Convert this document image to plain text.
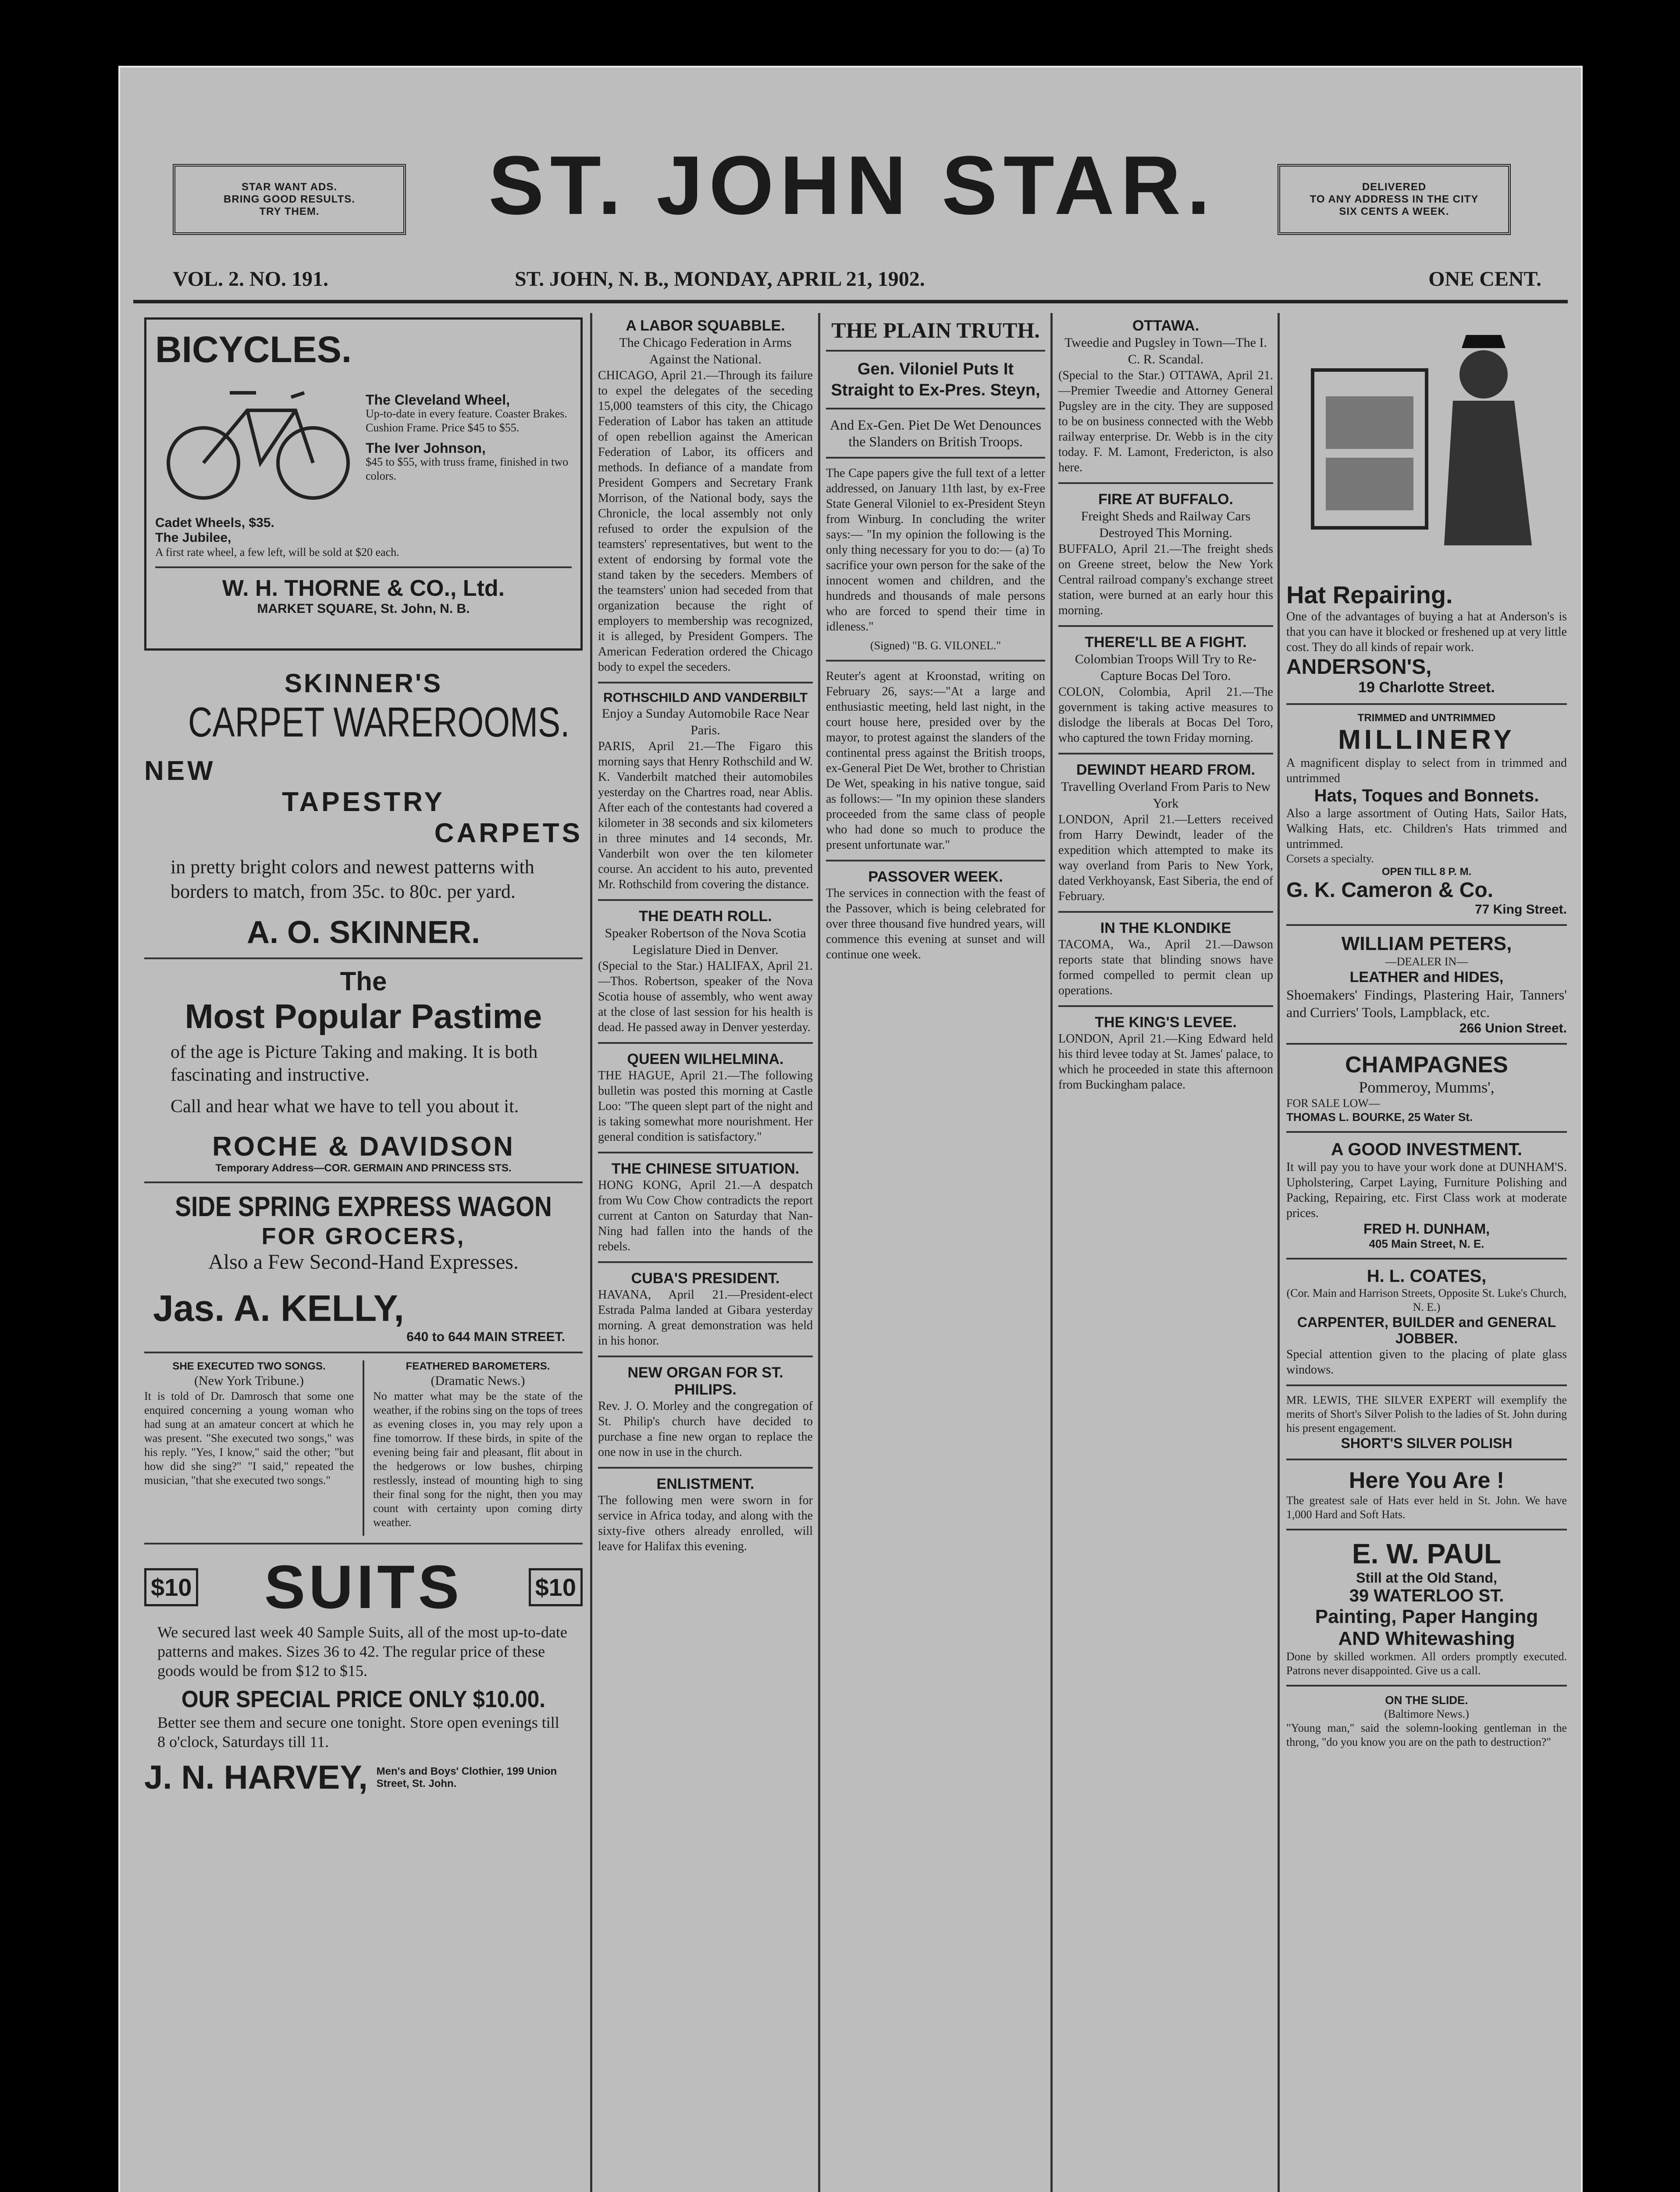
STAR WANT ADS.
BRING GOOD RESULTS.
TRY THEM.	ST. JOHN STAR.	DELIVERED
TO ANY ADDRESS IN THE CITY
SIX CENTS A WEEK.
VOL. 2. NO. 191.	ST. JOHN, N. B., MONDAY, APRIL 21, 1902.	ONE CENT.
BICYCLES.
The Cleveland Wheel,
Up-to-date in every feature. Coaster Brakes. Cushion Frame. Price $45 to $55.
The Iver Johnson,
$45 to $55, with truss frame, finished in two colors.
Cadet Wheels, $35.
The Jubilee,
A first rate wheel, a few left, will be sold at $20 each.
W. H. THORNE & CO., Ltd.
MARKET SQUARE, St. John, N. B.
SKINNER'S
CARPET WAREROOMS.
NEW
TAPESTRY
CARPETS
in pretty bright colors and newest patterns with borders to match, from 35c. to 80c. per yard.
A. O. SKINNER.
The
Most Popular Pastime
of the age is Picture Taking and making. It is both fascinating and instructive.
Call and hear what we have to tell you about it.
ROCHE & DAVIDSON
Temporary Address—COR. GERMAIN AND PRINCESS STS.
SIDE SPRING EXPRESS WAGON
FOR GROCERS,
Also a Few Second-Hand Expresses.
Jas. A. KELLY,
640 to 644 MAIN STREET.
SHE EXECUTED TWO SONGS.
(New York Tribune.)
It is told of Dr. Damrosch that some one enquired concerning a young woman who had sung at an amateur concert at which he was present. "She executed two songs," was his reply. "Yes, I know," said the other; "but how did she sing?" "I said," repeated the musician, "that she executed two songs."
FEATHERED BAROMETERS.
(Dramatic News.)
No matter what may be the state of the weather, if the robins sing on the tops of trees as evening closes in, you may rely upon a fine tomorrow. If these birds, in spite of the evening being fair and pleasant, flit about in the hedgerows or low bushes, chirping restlessly, instead of mounting high to sing their final song for the night, then you may count with certainty upon coming dirty weather.
$10 SUITS	$10
We secured last week 40 Sample Suits, all of the most up-to-date patterns and makes. Sizes 36 to 42. The regular price of these goods would be from $12 to $15.
OUR SPECIAL PRICE ONLY $10.00.
Better see them and secure one tonight. Store open evenings till 8 o'clock, Saturdays till 11.
J. N. HARVEY, Men's and Boys' Clothier, 199 Union Street, St. John.
A LABOR SQUABBLE.
The Chicago Federation in Arms Against the National.
CHICAGO, April 21.—Through its failure to expel the delegates of the seceding 15,000 teamsters of this city, the Chicago Federation of Labor has taken an attitude of open rebellion against the American Federation of Labor, its officers and methods. In defiance of a mandate from President Gompers and Secretary Frank Morrison, of the National body, says the Chronicle, the local assembly not only refused to order the expulsion of the teamsters' representatives, but went to the extent of endorsing by formal vote the stand taken by the seceders. Members of the teamsters' union had seceded from that organization because the right of employers to membership was recognized, it is alleged, by President Gompers. The American Federation ordered the Chicago body to expel the seceders.
ROTHSCHILD AND VANDERBILT
Enjoy a Sunday Automobile Race Near Paris.
PARIS, April 21.—The Figaro this morning says that Henry Rothschild and W. K. Vanderbilt matched their automobiles yesterday on the Chartres road, near Ablis. After each of the contestants had covered a kilometer in 38 seconds and six kilometers in three minutes and 14 seconds, Mr. Vanderbilt won over the ten kilometer course. An accident to his auto, prevented Mr. Rothschild from covering the distance.
THE DEATH ROLL.
Speaker Robertson of the Nova Scotia Legislature Died in Denver.
(Special to the Star.) HALIFAX, April 21.—Thos. Robertson, speaker of the Nova Scotia house of assembly, who went away at the close of last session for his health is dead. He passed away in Denver yesterday.
QUEEN WILHELMINA.
THE HAGUE, April 21.—The following bulletin was posted this morning at Castle Loo: "The queen slept part of the night and is taking somewhat more nourishment. Her general condition is satisfactory."
THE CHINESE SITUATION.
HONG KONG, April 21.—A despatch from Wu Cow Chow contradicts the report current at Canton on Saturday that Nan-Ning had fallen into the hands of the rebels.
CUBA'S PRESIDENT.
HAVANA, April 21.—President-elect Estrada Palma landed at Gibara yesterday morning. A great demonstration was held in his honor.
NEW ORGAN FOR ST. PHILIPS.
Rev. J. O. Morley and the congregation of St. Philip's church have decided to purchase a fine new organ to replace the one now in use in the church.
ENLISTMENT.
The following men were sworn in for service in Africa today, and along with the sixty-five others already enrolled, will leave for Halifax this evening.
THE PLAIN TRUTH.
Gen. Viloniel Puts It Straight to Ex-Pres. Steyn,
And Ex-Gen. Piet De Wet Denounces the Slanders on British Troops.
The Cape papers give the full text of a letter addressed, on January 11th last, by ex-Free State General Viloniel to ex-President Steyn from Winburg. In concluding the writer says:— "In my opinion the following is the only thing necessary for you to do:— (a) To sacrifice your own person for the sake of the innocent women and children, and the hundreds and thousands of male persons who are forced to spend their time in idleness."
(Signed) "B. G. VILONEL."
Reuter's agent at Kroonstad, writing on February 26, says:—"At a large and enthusiastic meeting, held last night, in the court house here, presided over by the mayor, to protest against the slanders of the continental press against the British troops, ex-General Piet De Wet, brother to Christian De Wet, speaking in his native tongue, said as follows:— "In my opinion these slanders proceeded from the same class of people who had done so much to produce the present unfortunate war."
PASSOVER WEEK.
The services in connection with the feast of the Passover, which is being celebrated for over three thousand five hundred years, will commence this evening at sunset and will continue one week.
OTTAWA.
Tweedie and Pugsley in Town—The I. C. R. Scandal.
(Special to the Star.) OTTAWA, April 21.—Premier Tweedie and Attorney General Pugsley are in the city. They are supposed to be on business connected with the Webb railway enterprise. Dr. Webb is in the city today. F. M. Lamont, Fredericton, is also here.
FIRE AT BUFFALO.
Freight Sheds and Railway Cars Destroyed This Morning.
BUFFALO, April 21.—The freight sheds on Greene street, below the New York Central railroad company's exchange street station, were burned at an early hour this morning.
THERE'LL BE A FIGHT.
Colombian Troops Will Try to Re-Capture Bocas Del Toro.
COLON, Colombia, April 21.—The government is taking active measures to dislodge the liberals at Bocas Del Toro, who captured the town Friday morning.
DEWINDT HEARD FROM.
Travelling Overland From Paris to New York
LONDON, April 21.—Letters received from Harry Dewindt, leader of the expedition which attempted to make its way overland from Paris to New York, dated Verkhoyansk, East Siberia, the end of February.
IN THE KLONDIKE
TACOMA, Wa., April 21.—Dawson reports state that blinding snows have formed compelled to permit clean up operations.
THE KING'S LEVEE.
LONDON, April 21.—King Edward held his third levee today at St. James' palace, to which he proceeded in state this afternoon from Buckingham palace.
Hat Repairing.
One of the advantages of buying a hat at Anderson's is that you can have it blocked or freshened up at very little cost. They do all kinds of repair work.
ANDERSON'S,
19 Charlotte Street.
TRIMMED and UNTRIMMED
MILLINERY
A magnificent display to select from in trimmed and untrimmed
Hats, Toques and Bonnets.
Also a large assortment of Outing Hats, Sailor Hats, Walking Hats, etc. Children's Hats trimmed and untrimmed.
Corsets a specialty.
OPEN TILL 8 P. M.
G. K. Cameron & Co.
77 King Street.
WILLIAM PETERS,
—DEALER IN—
LEATHER and HIDES,
Shoemakers' Findings, Plastering Hair, Tanners' and Curriers' Tools, Lampblack, etc.
266 Union Street.
CHAMPAGNES
Pommeroy, Mumms',
FOR SALE LOW—
THOMAS L. BOURKE, 25 Water St.
A GOOD INVESTMENT.
It will pay you to have your work done at DUNHAM'S. Upholstering, Carpet Laying, Furniture Polishing and Packing, Repairing, etc. First Class work at moderate prices.
FRED H. DUNHAM,
405 Main Street, N. E.
H. L. COATES,
(Cor. Main and Harrison Streets, Opposite St. Luke's Church, N. E.)
CARPENTER, BUILDER and GENERAL JOBBER.
Special attention given to the placing of plate glass windows.
MR. LEWIS, THE SILVER EXPERT will exemplify the merits of Short's Silver Polish to the ladies of St. John during his present engagement.
SHORT'S SILVER POLISH
Here You Are !
The greatest sale of Hats ever held in St. John. We have 1,000 Hard and Soft Hats.
E. W. PAUL
Still at the Old Stand,
39 WATERLOO ST.
Painting, Paper Hanging
AND Whitewashing
Done by skilled workmen. All orders promptly executed. Patrons never disappointed. Give us a call.
ON THE SLIDE.
(Baltimore News.)
"Young man," said the solemn-looking gentleman in the throng, "do you know you are on the path to destruction?"
